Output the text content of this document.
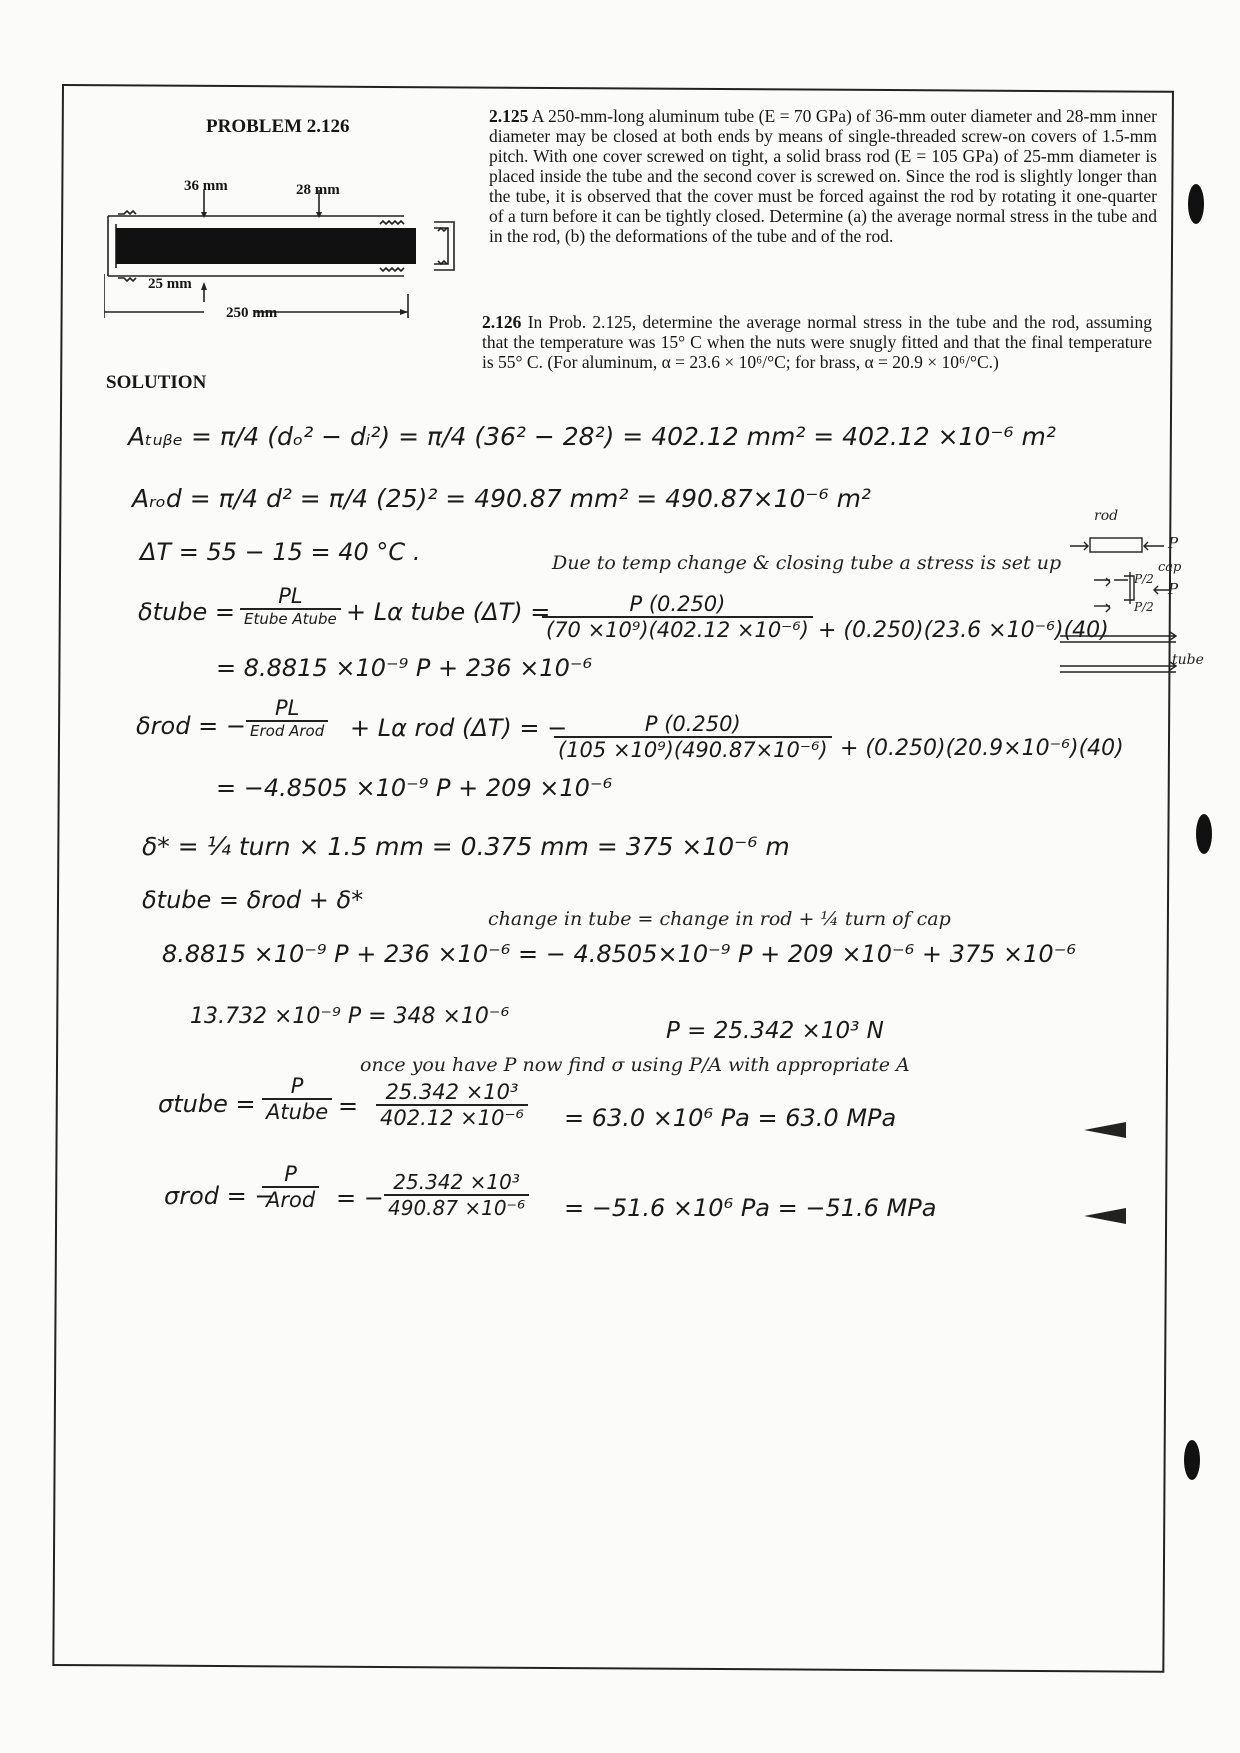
PROBLEM 2.126
SOLUTION
36 mm	28 mm
25 mm
250 mm
2.125 A 250-mm-long aluminum tube (E = 70 GPa) of 36-mm outer diameter and 28-mm inner diameter may be closed at both ends by means of single-threaded screw-on covers of 1.5-mm pitch. With one cover screwed on tight, a solid brass rod (E = 105 GPa) of 25-mm diameter is placed inside the tube and the second cover is screwed on. Since the rod is slightly longer than the tube, it is observed that the cover must be forced against the rod by rotating it one-quarter of a turn before it can be tightly closed. Determine (a) the average normal stress in the tube and in the rod, (b) the deformations of the tube and of the rod.
2.126 In Prob. 2.125, determine the average normal stress in the tube and the rod, assuming that the temperature was 15° C when the nuts were snugly fitted and that the final temperature is 55° C. (For aluminum, α = 23.6 × 10⁶/°C; for brass, α = 20.9 × 10⁶/°C.)
Aₜᵤᵦₑ = π/4 (dₒ² − dᵢ²) = π/4 (36² − 28²) = 402.12 mm² = 402.12 ×10⁻⁶ m²
Aᵣₒd = π/4 d² = π/4 (25)² = 490.87 mm² = 490.87×10⁻⁶ m²
ΔT = 55 − 15 = 40 °C .	Due to temp change & closing tube a stress is set up
δtube =
PL
Etube Atube + Lα tube (ΔT) =
$\frac{P (0.250)}{\text{(70 ×10⁹)(402.12 ×10⁻⁶)}} + (0.250)(23.6 \times 10^{-6})(40)$
= 8.8815 ×10⁻⁹ P + 236 ×10⁻⁶
δrod = −
PL
Erod Arod + Lα rod (ΔT) = −
$\frac{P (0.250)}{\text{(105 ×10⁹)(490.87×10⁻⁶)}} + (0.250)(20.9\times 10^{-6})(40)$
= −4.8505 ×10⁻⁹ P + 209 ×10⁻⁶
δ* = ¼ turn × 1.5 mm = 0.375 mm = 375 ×10⁻⁶ m
δtube = δrod + δ*
change in tube = change in rod + ¼ turn of cap
8.8815 ×10⁻⁹ P + 236 ×10⁻⁶ = − 4.8505×10⁻⁹ P + 209 ×10⁻⁶ + 375 ×10⁻⁶
13.732 ×10⁻⁹ P = 348 ×10⁻⁶
P = 25.342 ×10³ N
once you have P now find σ using P/A with appropriate A
σtube =
P
Atube = $\frac{\text{25.342 ×10³}}{\text{402.12 ×10⁻⁶}} = 63.0 \times 10^6$ Pa = 63.0 MPa
σrod = −
P
Arod = − $\frac{\text{25.342 ×10³}}{\text{490.87 ×10⁻⁶}} = -51.6 \times 10^6$ Pa = −51.6 MPa
rod
P
P/2
cap
P
P/2
tube
